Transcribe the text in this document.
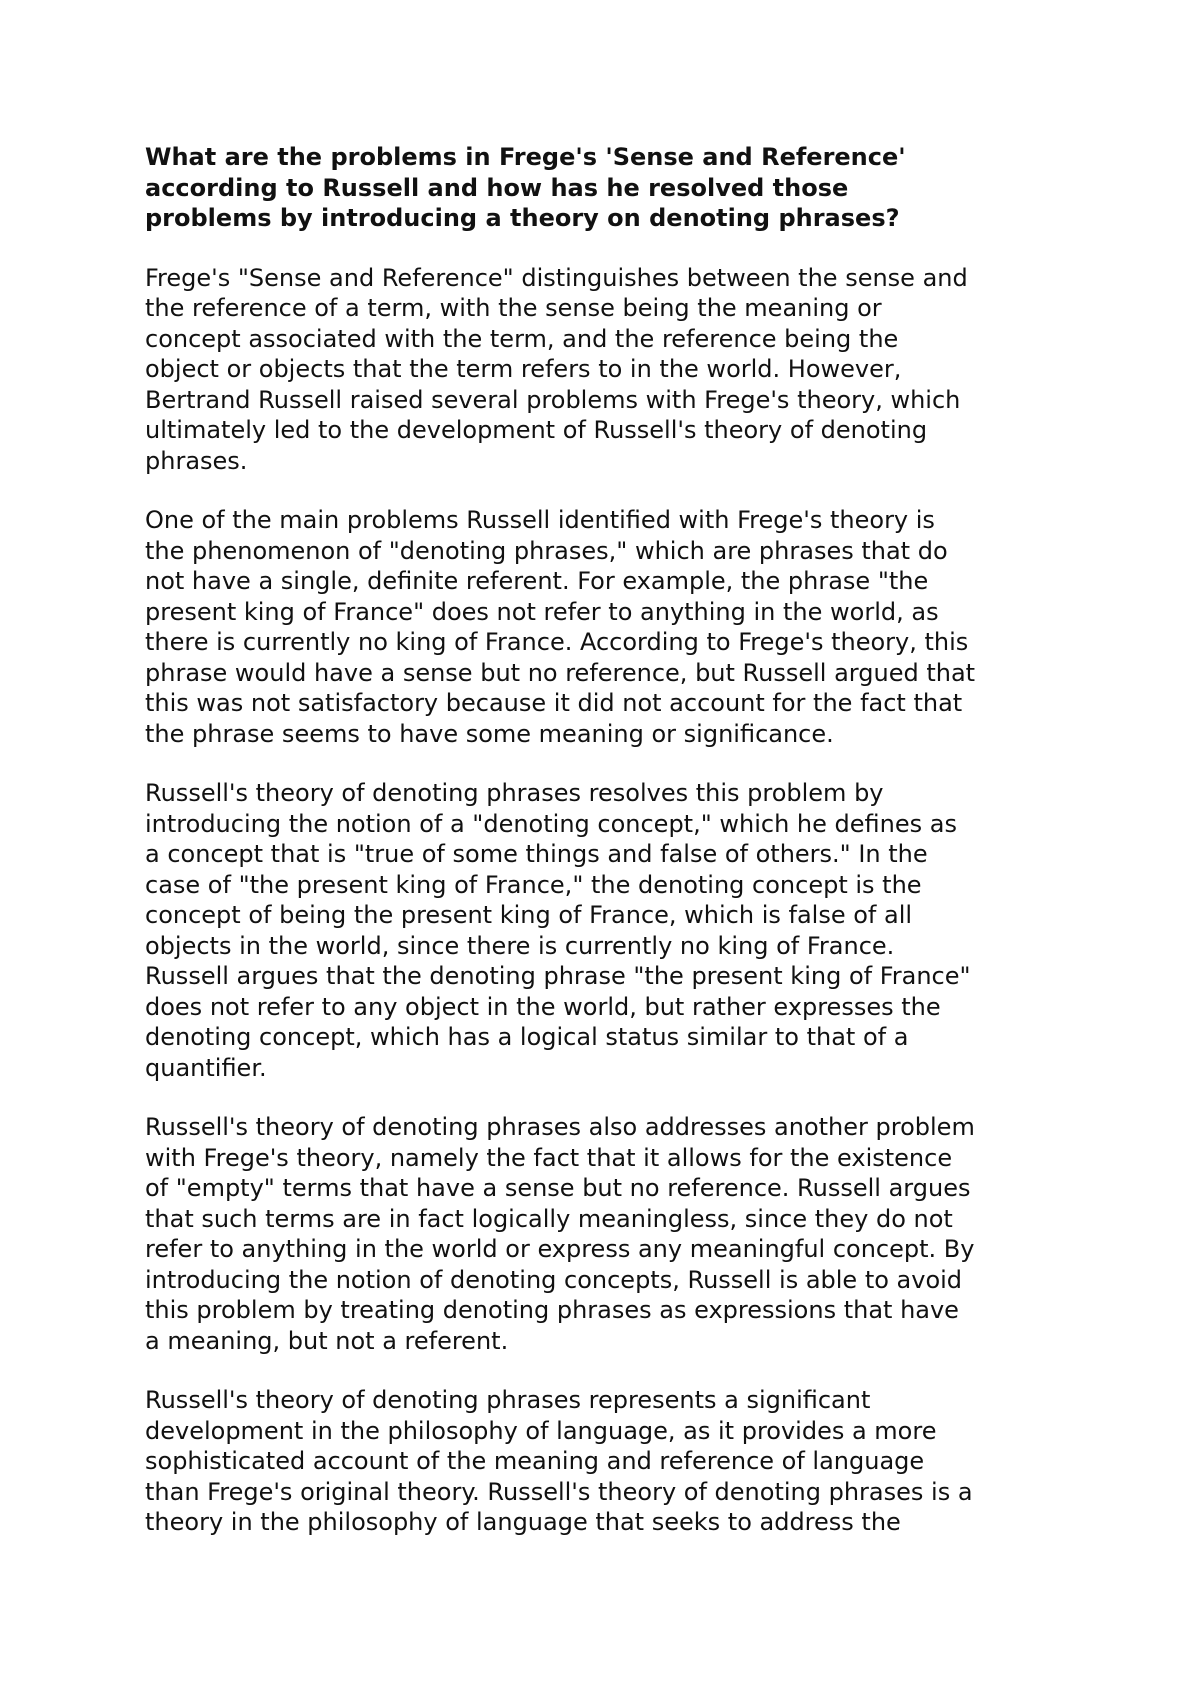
What are the problems in Frege's 'Sense and Reference'
according to Russell and how has he resolved those
problems by introducing a theory on denoting phrases?

Frege's "Sense and Reference" distinguishes between the sense and
the reference of a term, with the sense being the meaning or
concept associated with the term, and the reference being the
object or objects that the term refers to in the world. However,
Bertrand Russell raised several problems with Frege's theory, which
ultimately led to the development of Russell's theory of denoting
phrases.

One of the main problems Russell identified with Frege's theory is
the phenomenon of "denoting phrases," which are phrases that do
not have a single, definite referent. For example, the phrase "the
present king of France" does not refer to anything in the world, as
there is currently no king of France. According to Frege's theory, this
phrase would have a sense but no reference, but Russell argued that
this was not satisfactory because it did not account for the fact that
the phrase seems to have some meaning or significance.

Russell's theory of denoting phrases resolves this problem by
introducing the notion of a "denoting concept," which he defines as
a concept that is "true of some things and false of others." In the
case of "the present king of France," the denoting concept is the
concept of being the present king of France, which is false of all
objects in the world, since there is currently no king of France.
Russell argues that the denoting phrase "the present king of France"
does not refer to any object in the world, but rather expresses the
denoting concept, which has a logical status similar to that of a
quantifier.

Russell's theory of denoting phrases also addresses another problem
with Frege's theory, namely the fact that it allows for the existence
of "empty" terms that have a sense but no reference. Russell argues
that such terms are in fact logically meaningless, since they do not
refer to anything in the world or express any meaningful concept. By
introducing the notion of denoting concepts, Russell is able to avoid
this problem by treating denoting phrases as expressions that have
a meaning, but not a referent.

Russell's theory of denoting phrases represents a significant
development in the philosophy of language, as it provides a more
sophisticated account of the meaning and reference of language
than Frege's original theory. Russell's theory of denoting phrases is a
theory in the philosophy of language that seeks to address the
